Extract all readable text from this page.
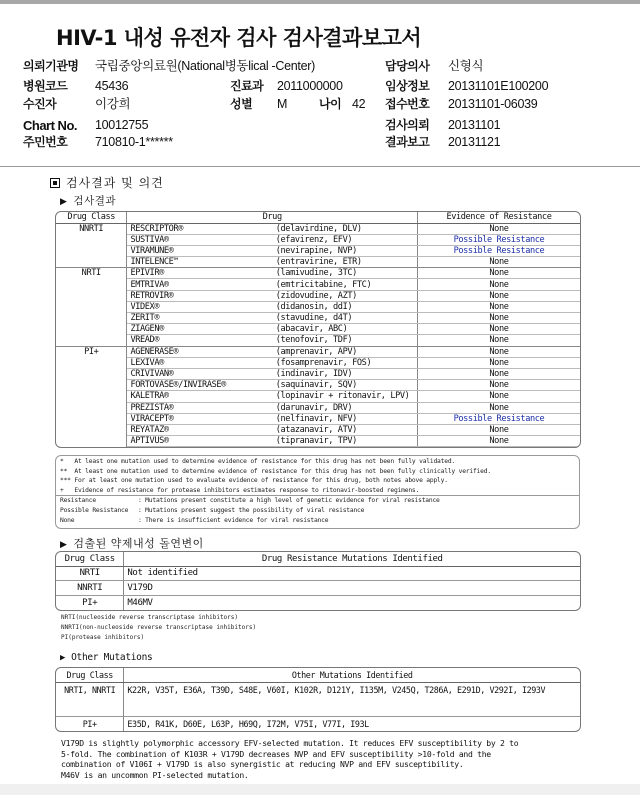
HIV-1 내성 유전자 검사 검사결과보고서
의뢰기관명 국립중앙의료원(National병동lical -Center)	담당의사 신형식
병원코드 45436	진료과 2011000000	임상정보 20131101E100200
수진자	이강희	성별 M	나이 42 접수번호 20131101-06039
Chart No. 10012755	검사의뢰 20131101
주민번호 710810-1******	결과보고 20131121
검사결과 및 의견
▶ 검사결과
Drug Class	Drug		Evidence of Resistance
NNRTI	RESCRIPTOR®	(delavirdine, DLV)	None
	SUSTIVA®	(efavirenz, EFV)	Possible Resistance
	VIRAMUNE®	(nevirapine, NVP)	Possible Resistance
	INTELENCE™	(entravirine, ETR)	None
NRTI	EPIVIR®	(lamivudine, 3TC)	None
	EMTRIVA®	(emtricitabine, FTC)	None
	RETROVIR®	(zidovudine, AZT)	None
	VIDEX®	(didanosin, ddI)	None
	ZERIT®	(stavudine, d4T)	None
	ZIAGEN®	(abacavir, ABC)	None
	VREAD®	(tenofovir, TDF)	None
PI+	AGENERASE®	(amprenavir, APV)	None
	LEXIVA®	(fosamprenavir, FOS)	None
	CRIVIVAN®	(indinavir, IDV)	None
	FORTOVASE®/INVIRASE®	(saquinavir, SQV)	None
	KALETRA®	(lopinavir + ritonavir, LPV)	None
	PREZISTA®	(darunavir, DRV)	None
	VIRACEPT®	(nelfinavir, NFV)	Possible Resistance
	REYATAZ®	(atazanavir, ATV)	None
	APTIVUS®	(tipranavir, TPV)	None
*   At least one mutation used to determine evidence of resistance for this drug has not been fully validated.
**  At least one mutation used to determine evidence of resistance for this drug has not been fully clinically verified.
*** For at least one mutation used to evaluate evidence of resistance for this drug, both notes above apply.
+   Evidence of resistance for protease inhibitors estimates response to ritonavir-boosted regimens.
Resistance	: Mutations present constitute a high level of genetic evidence for viral resistance
Possible Resistance : Mutations present suggest the possibility of viral resistance
None	: There is insufficient evidence for viral resistance
▶ 검출된 약제내성 돌연변이
Drug Class	Drug Resistance Mutations Identified
NRTI	Not identified
NNRTI	V179D
PI+	M46MV
NRTI(nucleoside reverse transcriptase inhibitors)
NNRTI(non-nucleoside reverse transcriptase inhibitors)
PI(protease inhibitors)
▶ Other Mutations
Drug Class	Other Mutations Identified
NRTI, NNRTI	K22R, V35T, E36A, T39D, S48E, V60I, K102R, D121Y, I135M, V245Q, T286A, E291D, V292I, I293V
PI+	E35D, R41K, D60E, L63P, H69Q, I72M, V75I, V77I, I93L
V179D is slightly polymorphic accessory EFV-selected mutation. It reduces EFV susceptibility by 2 to
5-fold. The combination of K103R + V179D decreases NVP and EFV susceptibility >10-fold and the
combination of V106I + V179D is also synergistic at reducing NVP and EFV susceptibility.
M46V is an uncommon PI-selected mutation.
